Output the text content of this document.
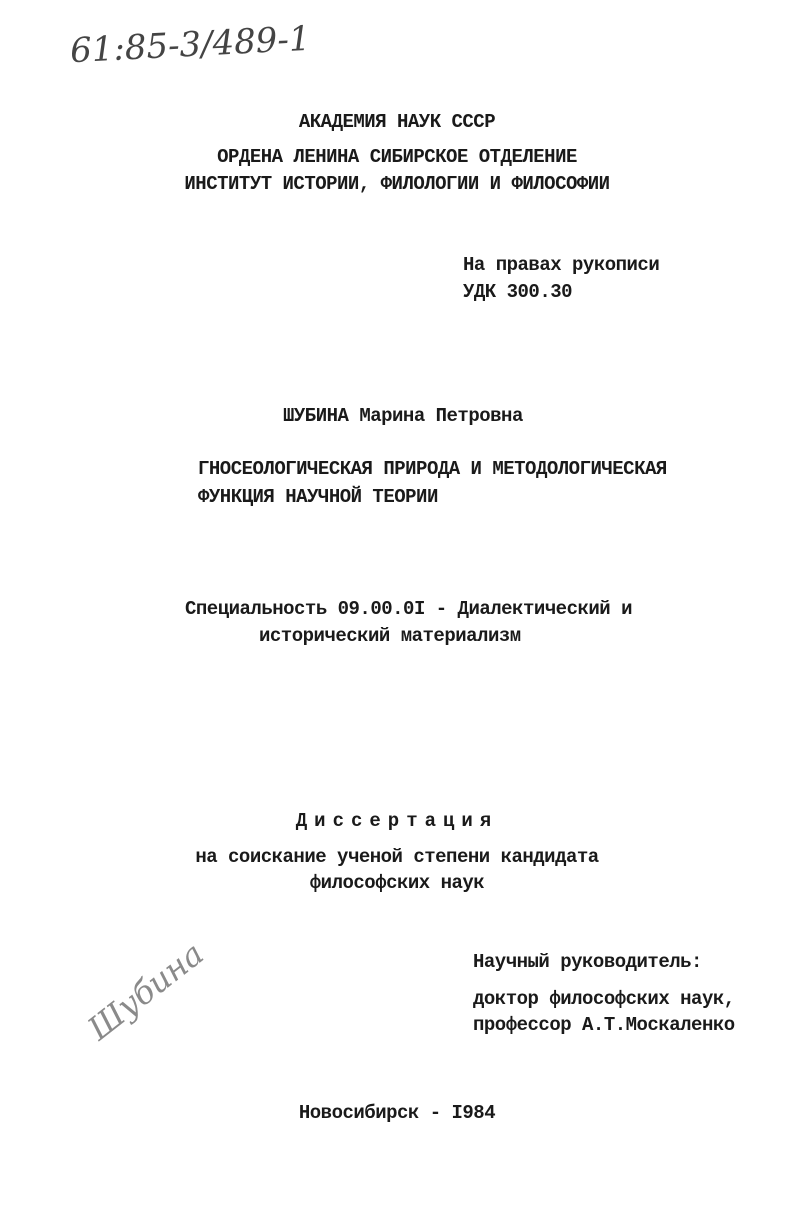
61:85-3/489-1
АКАДЕМИЯ НАУК СССР
ОРДЕНА ЛЕНИНА СИБИРСКОЕ ОТДЕЛЕНИЕ
ИНСТИТУТ ИСТОРИИ, ФИЛОЛОГИИ И ФИЛОСОФИИ
На правах рукописи
УДК 300.30
ШУБИНА Марина Петровна
ГНОСЕОЛОГИЧЕСКАЯ ПРИРОДА И МЕТОДОЛОГИЧЕСКАЯ
ФУНКЦИЯ НАУЧНОЙ ТЕОРИИ
Специальность 09.00.0I - Диалектический и
исторический материализм
Диссертация
на соискание ученой степени кандидата
философских наук
Шубина	Научный руководитель:
доктор философских наук,
профессор А.Т.Москаленко
Новосибирск - I984
